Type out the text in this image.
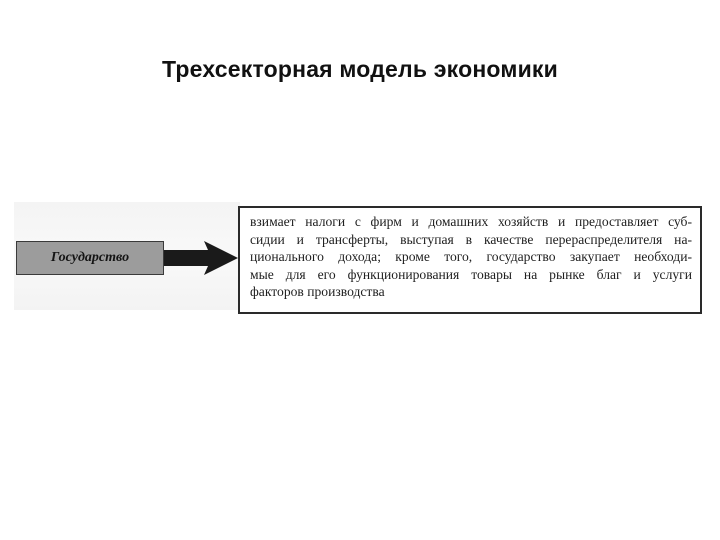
Трехсекторная модель экономики
Государство
взимает налоги с фирм и домашних хозяйств и предоставляет суб-
сидии и трансферты, выступая в качестве перераспределителя на-
ционального дохода; кроме того, государство закупает необходи-
мые для его функционирования товары на рынке благ и услуги
факторов производства
